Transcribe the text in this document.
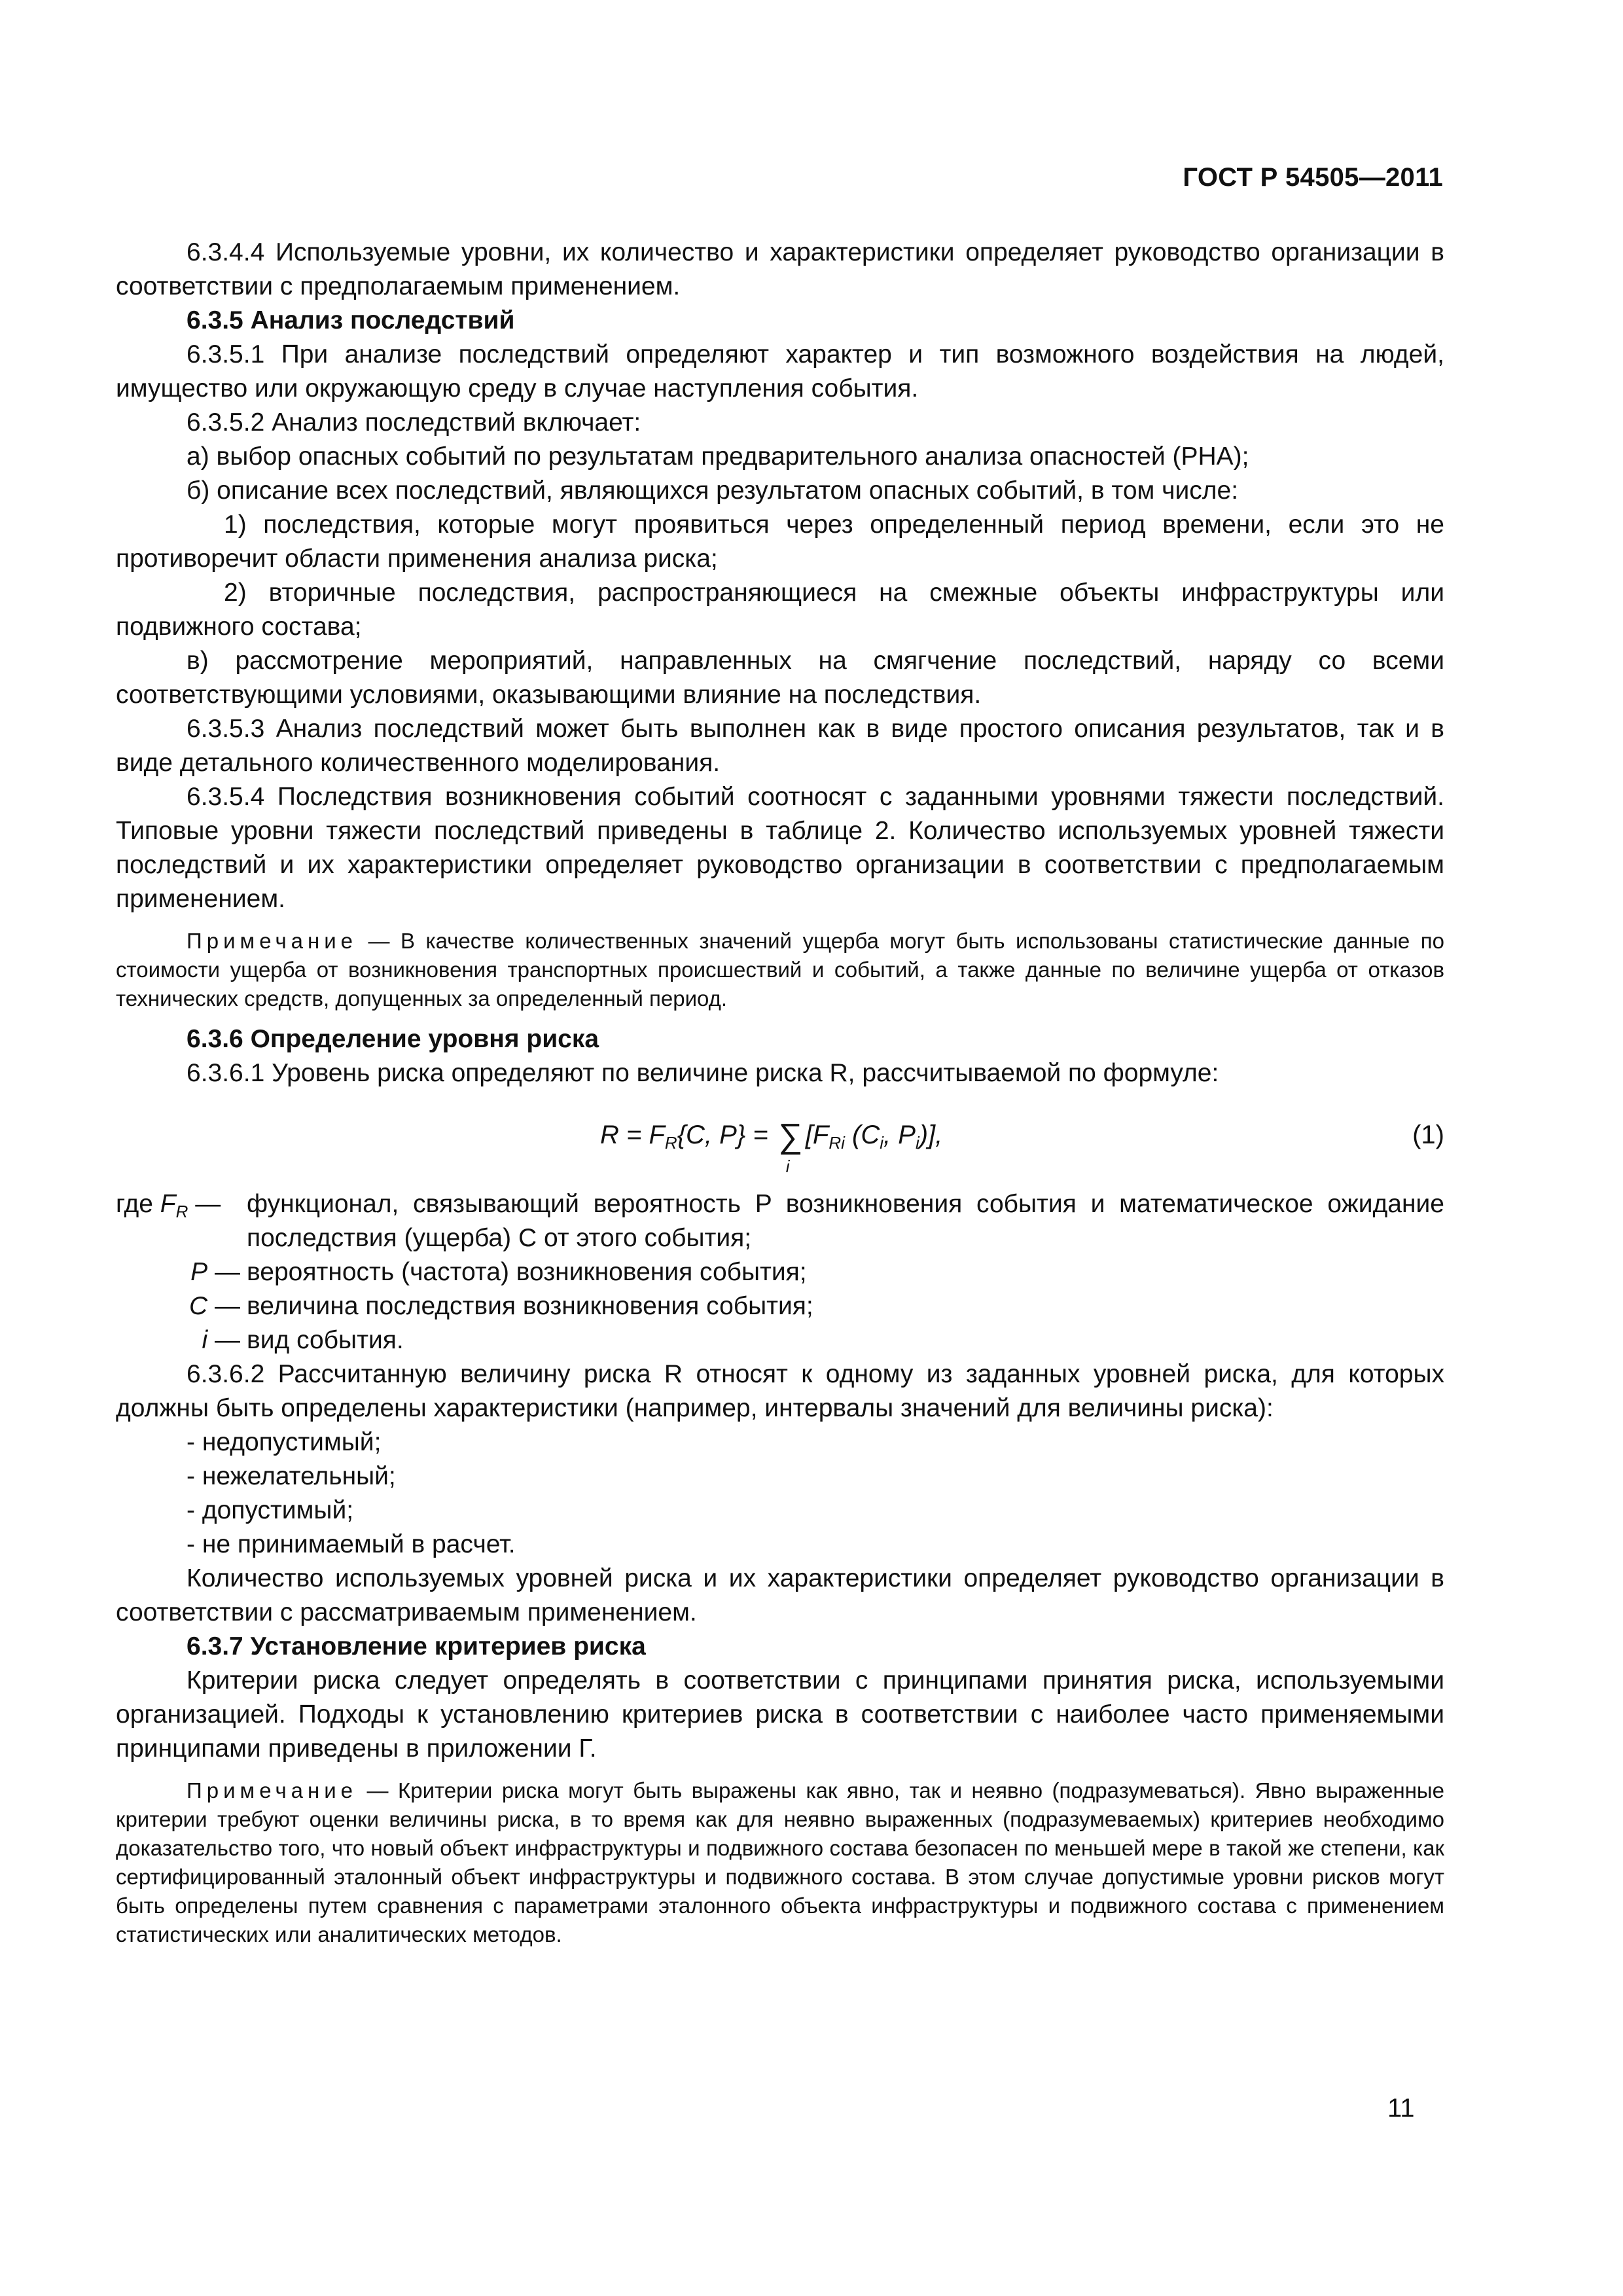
ГОСТ Р 54505—2011

6.3.4.4 Используемые уровни, их количество и характеристики определяет руководство организации в соответствии с предполагаемым применением.

6.3.5 Анализ последствий

6.3.5.1 При анализе последствий определяют характер и тип возможного воздействия на людей, имущество или окружающую среду в случае наступления события.

6.3.5.2 Анализ последствий включает:

а) выбор опасных событий по результатам предварительного анализа опасностей (PHA);

б) описание всех последствий, являющихся результатом опасных событий, в том числе:

1) последствия, которые могут проявиться через определенный период времени, если это не противоречит области применения анализа риска;

2) вторичные последствия, распространяющиеся на смежные объекты инфраструктуры или подвижного состава;

в) рассмотрение мероприятий, направленных на смягчение последствий, наряду со всеми соответствующими условиями, оказывающими влияние на последствия.

6.3.5.3 Анализ последствий может быть выполнен как в виде простого описания результатов, так и в виде детального количественного моделирования.

6.3.5.4 Последствия возникновения событий соотносят с заданными уровнями тяжести последствий. Типовые уровни тяжести последствий приведены в таблице 2. Количество используемых уровней тяжести последствий и их характеристики определяет руководство организации в соответствии с предполагаемым применением.

Примечание — В качестве количественных значений ущерба могут быть использованы статистические данные по стоимости ущерба от возникновения транспортных происшествий и событий, а также данные по величине ущерба от отказов технических средств, допущенных за определенный период.

6.3.6 Определение уровня риска

6.3.6.1 Уровень риска определяют по величине риска R, рассчитываемой по формуле:

$R = F_R\{C$, P} = ∑
i
[$F_{Ri}$ ($C_i$, $P_i$)],	(1)
где $F_R$ —	функционал, связывающий вероятность P возникновения события и математическое ожидание последствия (ущерба) C от этого события;
P — вероятность (частота) возникновения события;
C — величина последствия возникновения события;
i — вид события.

6.3.6.2 Рассчитанную величину риска R относят к одному из заданных уровней риска, для которых должны быть определены характеристики (например, интервалы значений для величины риска):

- недопустимый;

- нежелательный;

- допустимый;

- не принимаемый в расчет.

Количество используемых уровней риска и их характеристики определяет руководство организации в соответствии с рассматриваемым применением.

6.3.7 Установление критериев риска

Критерии риска следует определять в соответствии с принципами принятия риска, используемыми организацией. Подходы к установлению критериев риска в соответствии с наиболее часто применяемыми принципами приведены в приложении Г.

Примечание — Критерии риска могут быть выражены как явно, так и неявно (подразумеваться). Явно выраженные критерии требуют оценки величины риска, в то время как для неявно выраженных (подразумеваемых) критериев необходимо доказательство того, что новый объект инфраструктуры и подвижного состава безопасен по меньшей мере в такой же степени, как сертифицированный эталонный объект инфраструктуры и подвижного состава. В этом случае допустимые уровни рисков могут быть определены путем сравнения с параметрами эталонного объекта инфраструктуры и подвижного состава с применением статистических или аналитических методов.

11
